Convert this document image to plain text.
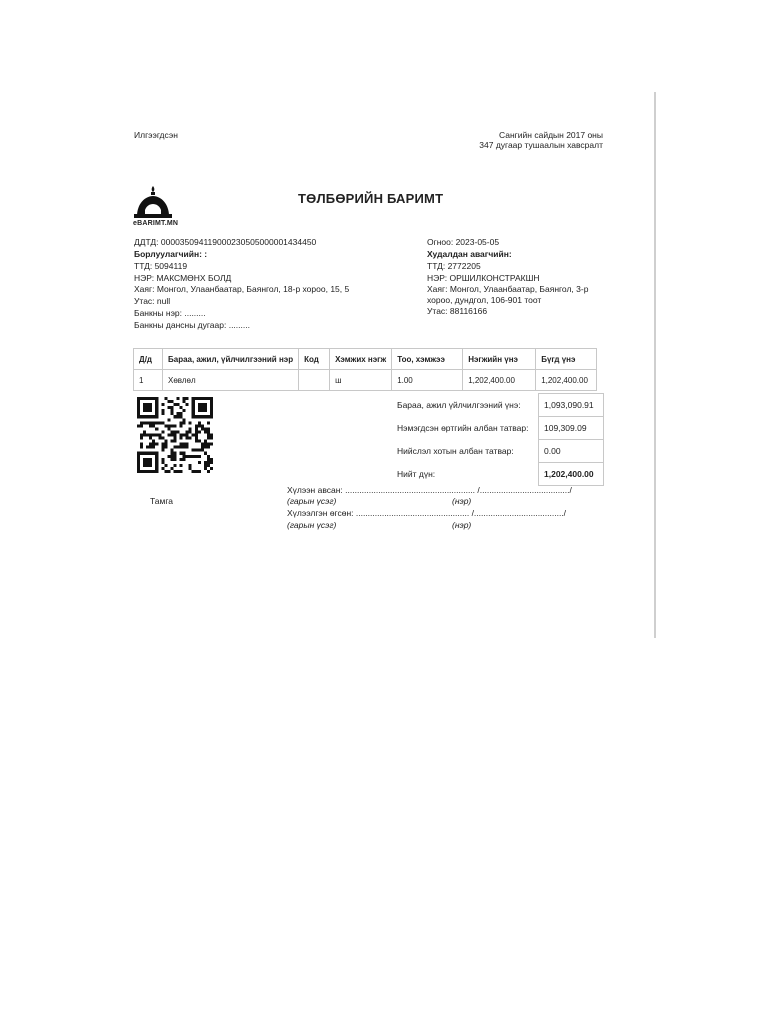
Илгээгдсэн	Сангийн сайдын 2017 оны
347 дугаар тушаалын хавсралт
eBARIMT.MN
ТӨЛБӨРИЙН БАРИМТ
ДДТД: 000035094119000230505000001434450
Борлуулагчийн: :
ТТД: 5094119
НЭР: МАКСМӨНХ БОЛД
Хаяг: Монгол, Улаанбаатар, Баянгол, 18-р хороо, 15, 5
Утас: null
Банкны нэр: .........
Банкны дансны дугаар: .........
Огноо: 2023-05-05
Худалдан авагчийн:
ТТД: 2772205
НЭР: ОРШИЛКОНСТРАКШН
Хаяг: Монгол, Улаанбаатар, Баянгол, 3-р
хороо, дундгол, 106-901 тоот
Утас: 88116166
Д/д	Бараа, ажил, үйлчилгээний нэр	Код	Хэмжих нэгж	Тоо, хэмжээ	Нэгжийн үнэ	Бүгд үнэ
1	Хөвлөл		ш	1.00	1,202,400.00	1,202,400.00
Бараа, ажил үйлчилгээний үнэ:	1,093,090.91
Нэмэгдсэн өртгийн албан татвар:	109,309.09
Нийслэл хотын албан татвар:	0.00
Нийт дүн:	1,202,400.00
Тамга
Хүлээн авсан: ....................................................... /....................................../
(гарын үсэг)	(нэр)
Хүлээлгэн өгсөн: ................................................ /....................................../
(гарын үсэг)	(нэр)
